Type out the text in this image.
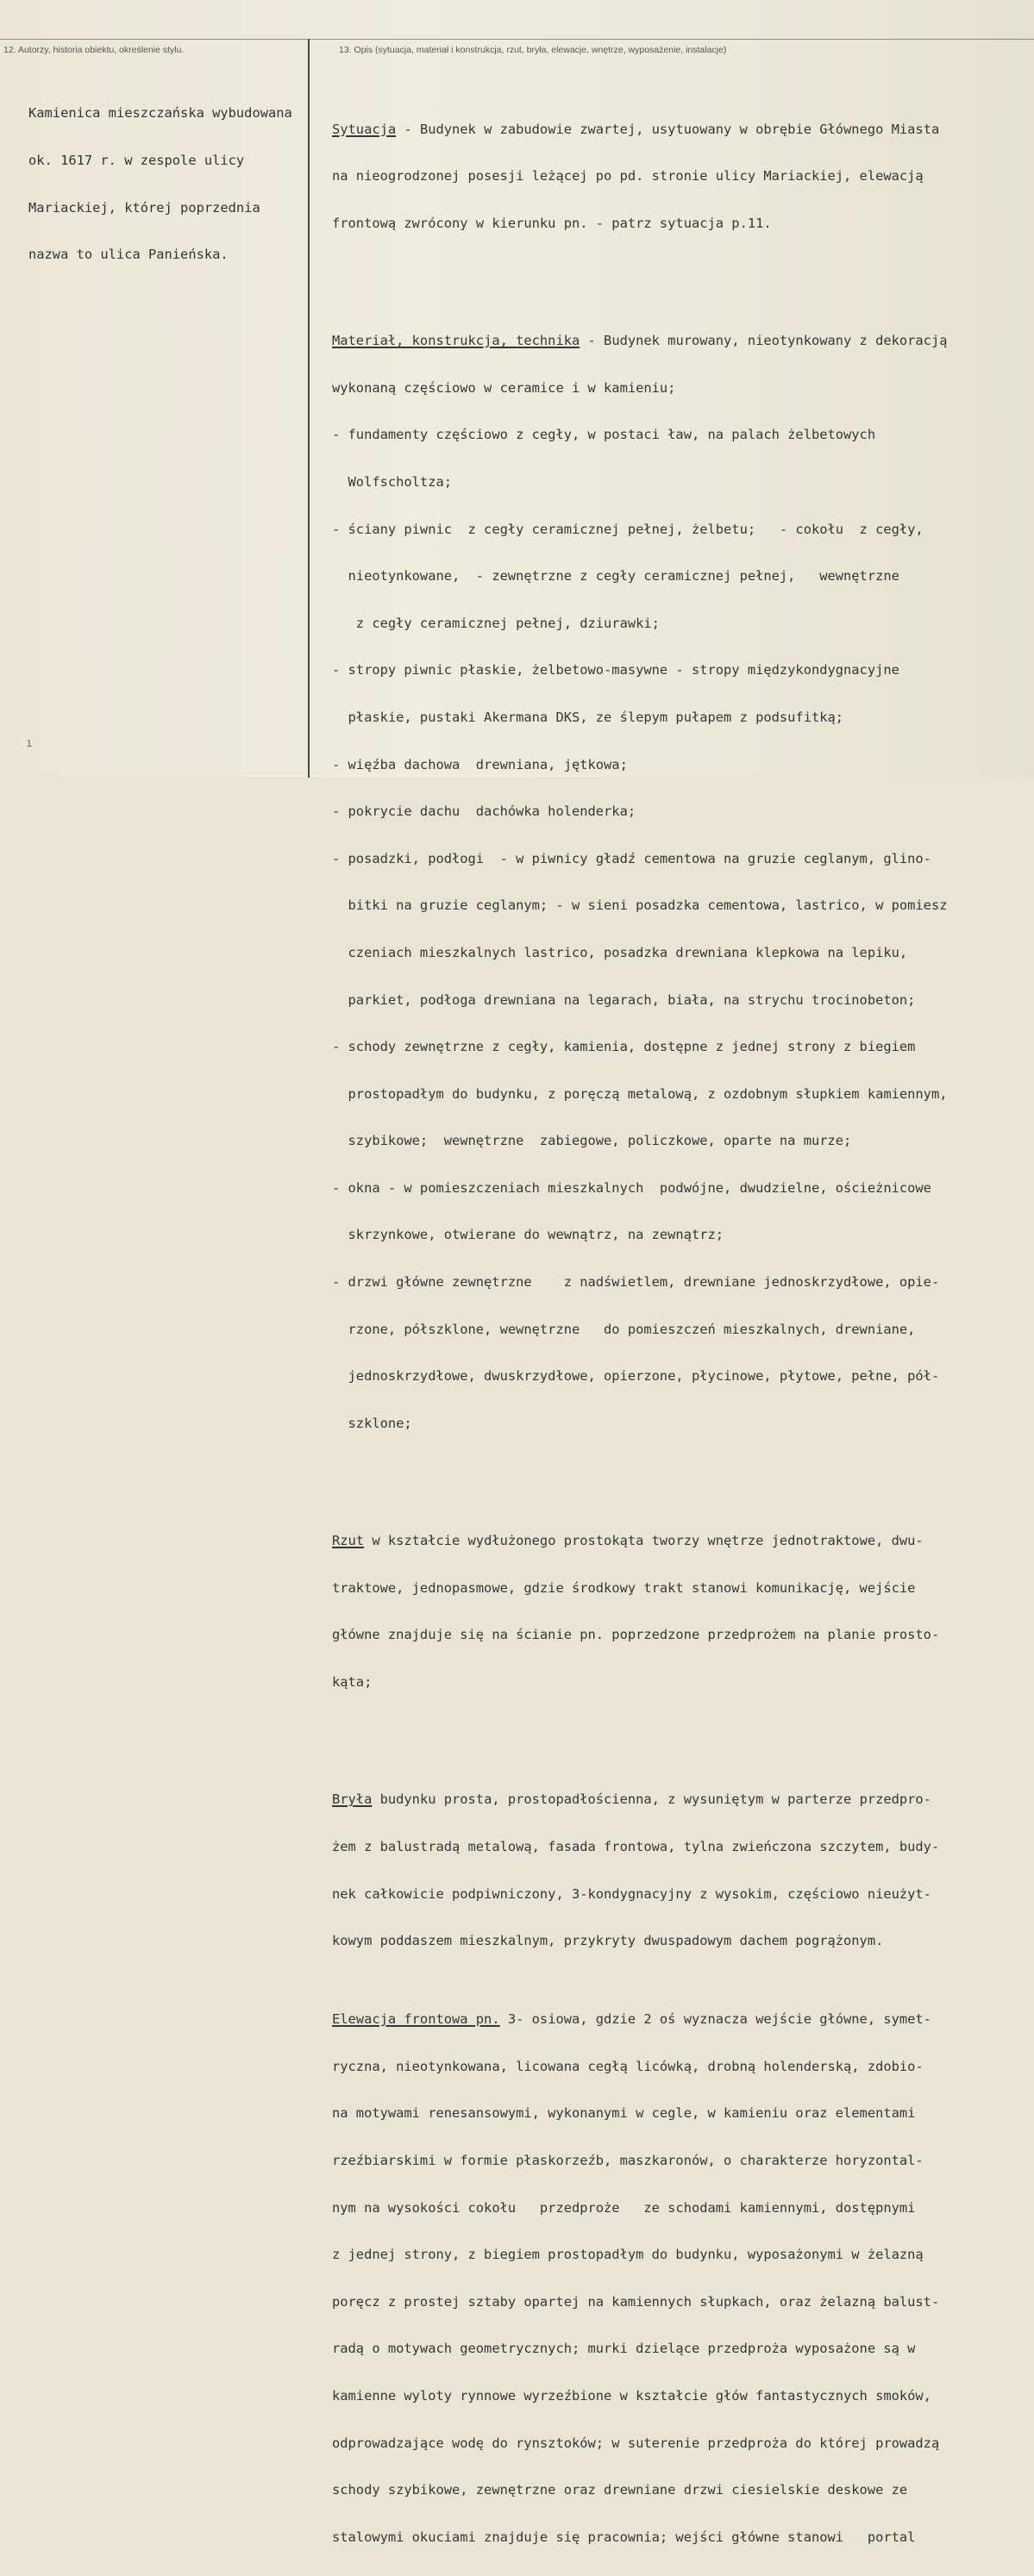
12. Autorzy, historia obiektu, określenie stylu.	13. Opis (sytuacja, materiał i konstrukcja, rzut, bryła, elewacje, wnętrze, wyposażenie, instalacje)

Kamienica mieszczańska wybudowana

ok. 1617 r. w zespole ulicy

Mariackiej, której poprzednia

nazwa to ulica Panieńska.

Sytuacja - Budynek w zabudowie zwartej, usytuowany w obrębie Głównego Miasta

na nieogrodzonej posesji leżącej po pd. stronie ulicy Mariackiej, elewacją

frontową zwrócony w kierunku pn. - patrz sytuacja p.11.

Materiał, konstrukcja, technika - Budynek murowany, nieotynkowany z dekoracją

wykonaną częściowo w ceramice i w kamieniu;

- fundamenty częściowo z cegły, w postaci ław, na palach żelbetowych

Wolfscholtza;

- ściany piwnic  z cegły ceramicznej pełnej, żelbetu;   - cokołu  z cegły,

nieotynkowane,  - zewnętrzne z cegły ceramicznej pełnej,   wewnętrzne

z cegły ceramicznej pełnej, dziurawki;

- stropy piwnic płaskie, żelbetowo-masywne - stropy międzykondygnacyjne

płaskie, pustaki Akermana DKS, ze ślepym pułapem z podsufitką;

- więźba dachowa  drewniana, jętkowa;

- pokrycie dachu  dachówka holenderka;

- posadzki, podłogi  - w piwnicy gładź cementowa na gruzie ceglanym, glino-

bitki na gruzie ceglanym; - w sieni posadzka cementowa, lastrico, w pomiesz

czeniach mieszkalnych lastrico, posadzka drewniana klepkowa na lepiku,

parkiet, podłoga drewniana na legarach, biała, na strychu trocinobeton;

- schody zewnętrzne z cegły, kamienia, dostępne z jednej strony z biegiem

prostopadłym do budynku, z poręczą metalową, z ozdobnym słupkiem kamiennym,

szybikowe;  wewnętrzne  zabiegowe, policzkowe, oparte na murze;

- okna - w pomieszczeniach mieszkalnych  podwójne, dwudzielne, ościeżnicowe

skrzynkowe, otwierane do wewnątrz, na zewnątrz;

- drzwi główne zewnętrzne    z nadświetlem, drewniane jednoskrzydłowe, opie-

rzone, półszklone, wewnętrzne   do pomieszczeń mieszkalnych, drewniane,

jednoskrzydłowe, dwuskrzydłowe, opierzone, płycinowe, płytowe, pełne, pół-

szklone;

Rzut w kształcie wydłużonego prostokąta tworzy wnętrze jednotraktowe, dwu-

traktowe, jednopasmowe, gdzie środkowy trakt stanowi komunikację, wejście

główne znajduje się na ścianie pn. poprzedzone przedprożem na planie prosto-

kąta;

Bryła budynku prosta, prostopadłościenna, z wysuniętym w parterze przedpro-

żem z balustradą metalową, fasada frontowa, tylna zwieńczona szczytem, budy-

nek całkowicie podpiwniczony, 3-kondygnacyjny z wysokim, częściowo nieużyt-

kowym poddaszem mieszkalnym, przykryty dwuspadowym dachem pogrążonym.

Elewacja frontowa pn. 3- osiowa, gdzie 2 oś wyznacza wejście główne, symet-

ryczna, nieotynkowana, licowana cegłą licówką, drobną holenderską, zdobio-

na motywami renesansowymi, wykonanymi w cegle, w kamieniu oraz elementami

rzeźbiarskimi w formie płaskorzeźb, maszkaronów, o charakterze horyzontal-

nym na wysokości cokołu   przedproże   ze schodami kamiennymi, dostępnymi

z jednej strony, z biegiem prostopadłym do budynku, wyposażonymi w żelazną

poręcz z prostej sztaby opartej na kamiennych słupkach, oraz żelazną balust-

radą o motywach geometrycznych; murki dzielące przedproża wyposażone są w

kamienne wyloty rynnowe wyrzeźbione w kształcie głów fantastycznych smoków,

odprowadzające wodę do rynsztoków; w suterenie przedproża do której prowadzą

schody szybikowe, zewnętrzne oraz drewniane drzwi ciesielskie deskowe ze

stalowymi okuciami znajduje się pracownia; wejści główne stanowi   portal

ı
